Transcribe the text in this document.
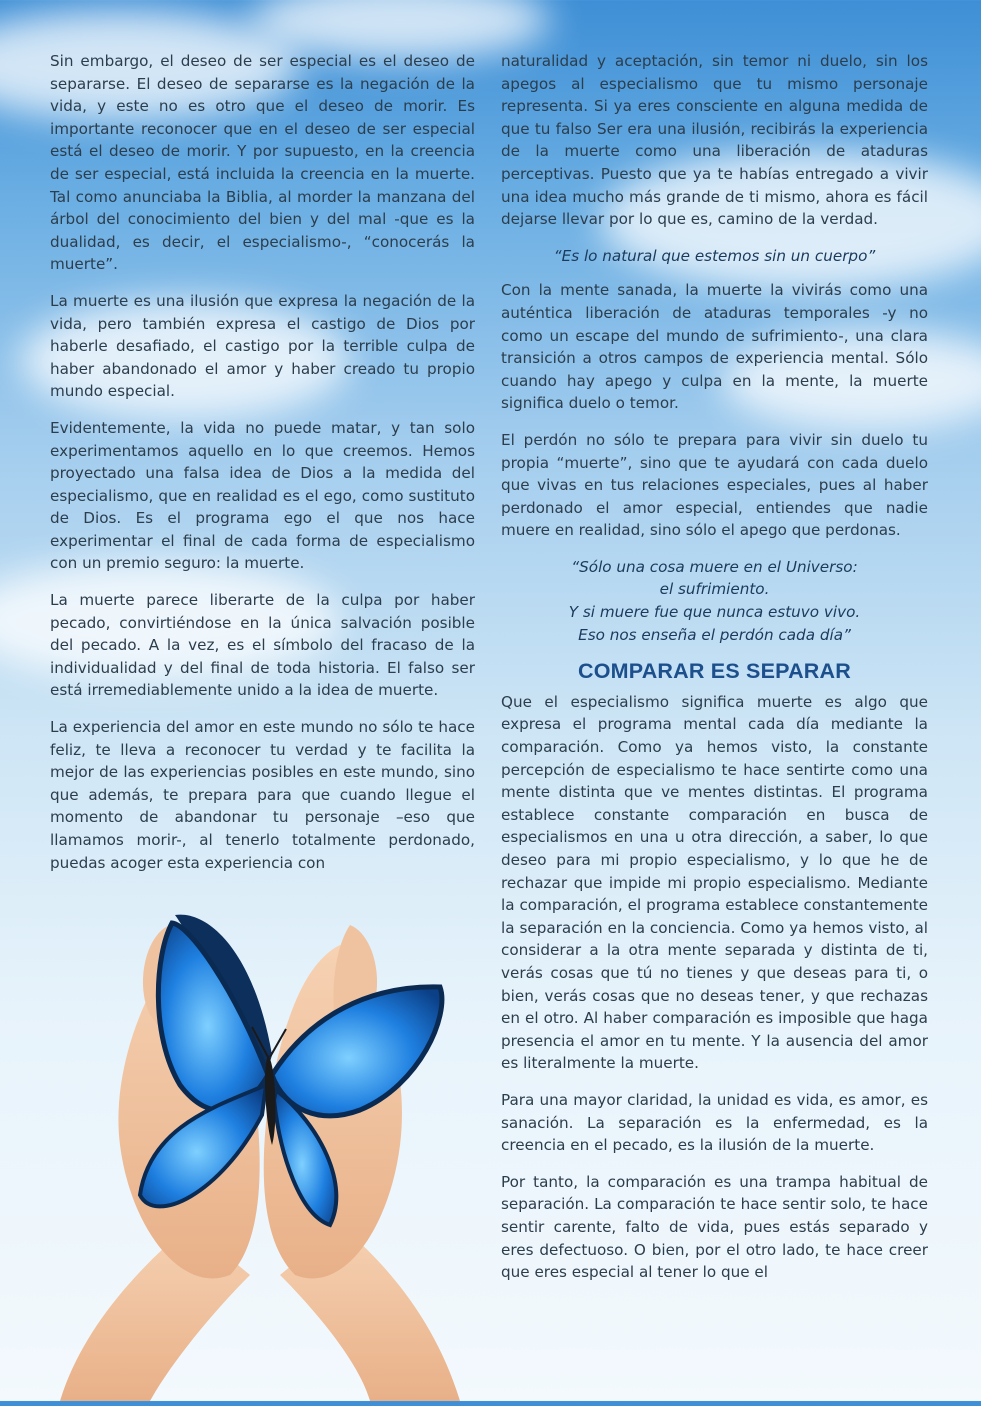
Sin embargo, el deseo de ser especial es el deseo de separarse. El deseo de separarse es la negación de la vida, y este no es otro que el deseo de morir. Es importante reconocer que en el deseo de ser especial está el deseo de morir. Y por supuesto, en la creencia de ser especial, está incluida la creencia en la muerte. Tal como anunciaba la Biblia, al morder la manzana del árbol del conocimiento del bien y del mal -que es la dualidad, es decir, el especialismo-, “conocerás la muerte”.

La muerte es una ilusión que expresa la negación de la vida, pero también expresa el castigo de Dios por haberle desafiado, el castigo por la terrible culpa de haber abandonado el amor y haber creado tu propio mundo especial.

Evidentemente, la vida no puede matar, y tan solo experimentamos aquello en lo que creemos. Hemos proyectado una falsa idea de Dios a la medida del especialismo, que en realidad es el ego, como sustituto de Dios. Es el programa ego el que nos hace experimentar el final de cada forma de especialismo con un premio seguro: la muerte.

La muerte parece liberarte de la culpa por haber pecado, convirtiéndose en la única salvación posible del pecado. A la vez, es el símbolo del fracaso de la individualidad y del final de toda historia. El falso ser está irremediablemente unido a la idea de muerte.

La experiencia del amor en este mundo no sólo te hace feliz, te lleva a reconocer tu verdad y te facilita la mejor de las experiencias posibles en este mundo, sino que además, te prepara para que cuando llegue el momento de abandonar tu personaje –eso que llamamos morir-, al tenerlo totalmente perdonado, puedas acoger esta experiencia con

naturalidad y aceptación, sin temor ni duelo, sin los apegos al especialismo que tu mismo personaje representa. Si ya eres consciente en alguna medida de que tu falso Ser era una ilusión, recibirás la experiencia de la muerte como una liberación de ataduras perceptivas. Puesto que ya te habías entregado a vivir una idea mucho más grande de ti mismo, ahora es fácil dejarse llevar por lo que es, camino de la verdad.

“Es lo natural que estemos sin un cuerpo”

Con la mente sanada, la muerte la vivirás como una auténtica liberación de ataduras temporales -y no como un escape del mundo de sufrimiento-, una clara transición a otros campos de experiencia mental. Sólo cuando hay apego y culpa en la mente, la muerte significa duelo o temor.

El perdón no sólo te prepara para vivir sin duelo tu propia “muerte”, sino que te ayudará con cada duelo que vivas en tus relaciones especiales, pues al haber perdonado el amor especial, entiendes que nadie muere en realidad, sino sólo el apego que perdonas.

“Sólo una cosa muere en el Universo:
el sufrimiento.
Y si muere fue que nunca estuvo vivo.
Eso nos enseña el perdón cada día”
COMPARAR ES SEPARAR

Que el especialismo significa muerte es algo que expresa el programa mental cada día mediante la comparación. Como ya hemos visto, la constante percepción de especialismo te hace sentirte como una mente distinta que ve mentes distintas. El programa establece constante comparación en busca de especialismos en una u otra dirección, a saber, lo que deseo para mi propio especialismo, y lo que he de rechazar que impide mi propio especialismo. Mediante la comparación, el programa establece constantemente la separación en la conciencia. Como ya hemos visto, al considerar a la otra mente separada y distinta de ti, verás cosas que tú no tienes y que deseas para ti, o bien, verás cosas que no deseas tener, y que rechazas en el otro. Al haber comparación es imposible que haga presencia el amor en tu mente. Y la ausencia del amor es literalmente la muerte.

Para una mayor claridad, la unidad es vida, es amor, es sanación. La separación es la enfermedad, es la creencia en el pecado, es la ilusión de la muerte.

Por tanto, la comparación es una trampa habitual de separación. La comparación te hace sentir solo, te hace sentir carente, falto de vida, pues estás separado y eres defectuoso. O bien, por el otro lado, te hace creer que eres especial al tener lo que el
